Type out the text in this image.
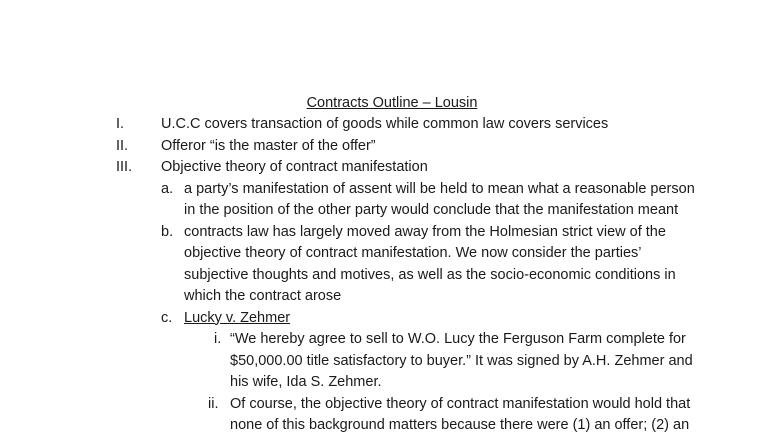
Contracts Outline – Lousin
I.	U.C.C covers transaction of goods while common law covers services
II. Offeror “is the master of the offer”
III. Objective theory of contract manifestation
a. a party’s manifestation of assent will be held to mean what a reasonable person
in the position of the other party would conclude that the manifestation meant
b. contracts law has largely moved away from the Holmesian strict view of the
objective theory of contract manifestation. We now consider the parties’
subjective thoughts and motives, as well as the socio-economic conditions in
which the contract arose
c. Lucky v. Zehmer
i. “We hereby agree to sell to W.O. Lucy the Ferguson Farm complete for
$50,000.00 title satisfactory to buyer.” It was signed by A.H. Zehmer and
his wife, Ida S. Zehmer.
ii. Of course, the objective theory of contract manifestation would hold that
none of this background matters because there were (1) an offer; (2) an
